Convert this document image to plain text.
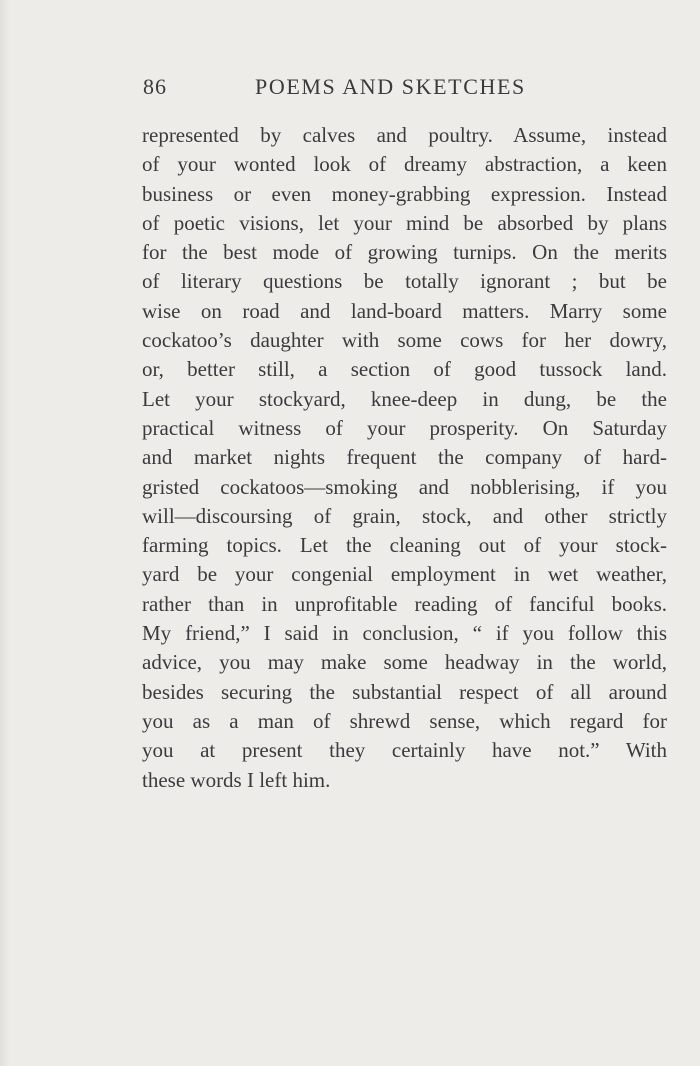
86	POEMS AND SKETCHES
represented by calves and poultry. Assume, instead
of your wonted look of dreamy abstraction, a keen
business or even money-grabbing expression. Instead
of poetic visions, let your mind be absorbed by plans
for the best mode of growing turnips. On the merits
of literary questions be totally ignorant ; but be
wise on road and land-board matters. Marry some
cockatoo’s daughter with some cows for her dowry,
or, better still, a section of good tussock land.
Let your stockyard, knee-deep in dung, be the
practical witness of your prosperity. On Saturday
and market nights frequent the company of hard-
gristed cockatoos—smoking and nobblerising, if you
will—discoursing of grain, stock, and other strictly
farming topics. Let the cleaning out of your stock-
yard be your congenial employment in wet weather,
rather than in unprofitable reading of fanciful books.
My friend,” I said in conclusion, “ if you follow this
advice, you may make some headway in the world,
besides securing the substantial respect of all around
you as a man of shrewd sense, which regard for
you at present they certainly have not.” With
these words I left him.
